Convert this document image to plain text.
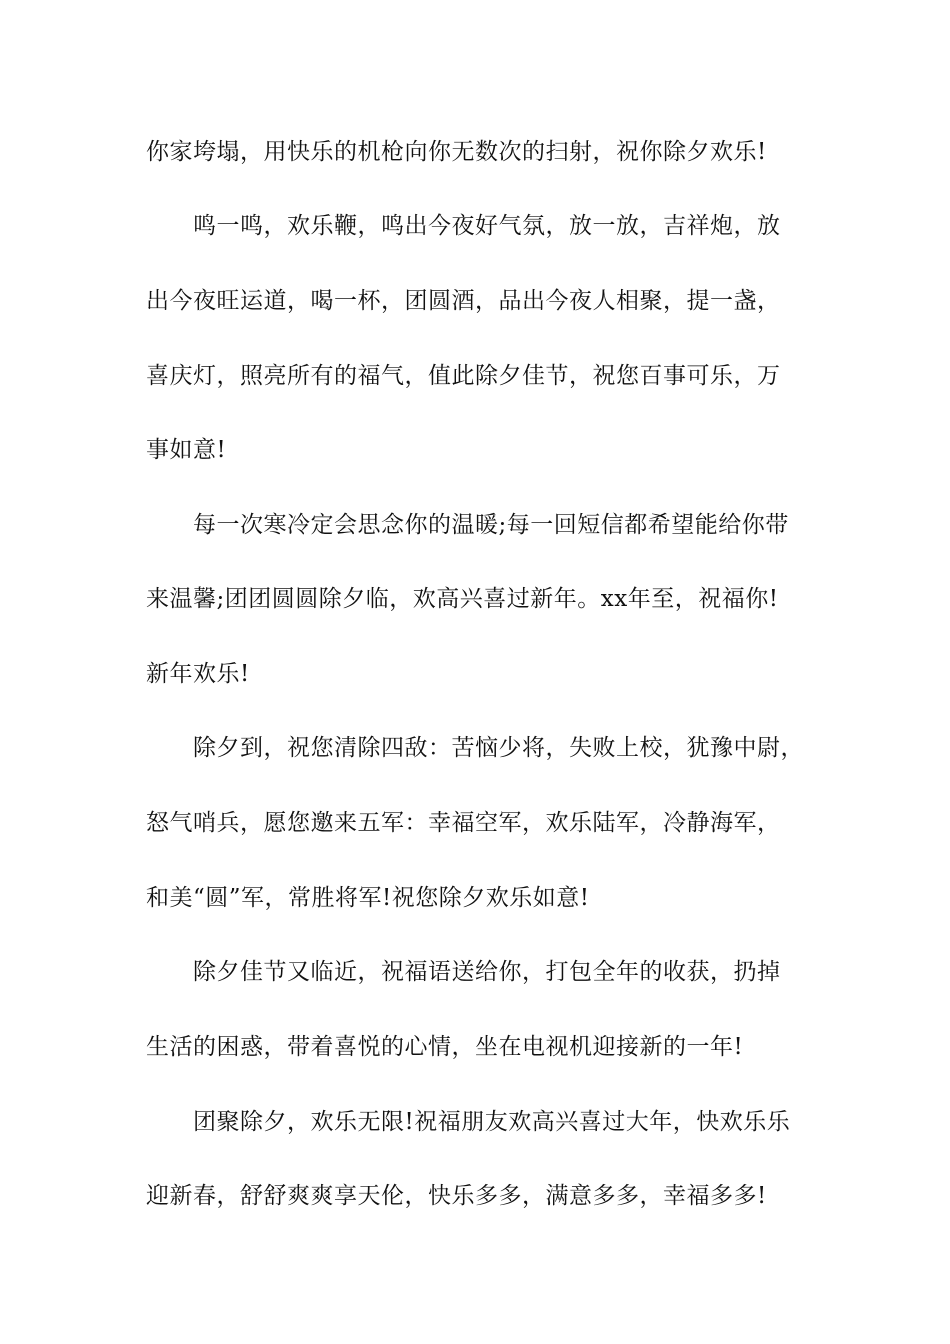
你家垮塌，用快乐的机枪向你无数次的扫射，祝你除夕欢乐!

鸣一鸣，欢乐鞭，鸣出今夜好气氛，放一放，吉祥炮，放

出今夜旺运道，喝一杯，团圆酒，品出今夜人相聚，提一盏，

喜庆灯，照亮所有的福气，值此除夕佳节，祝您百事可乐，万

事如意!

每一次寒冷定会思念你的温暖;每一回短信都希望能给你带

来温馨;团团圆圆除夕临，欢高兴喜过新年。xx年至，祝福你!

新年欢乐!

除夕到，祝您清除四敌：苦恼少将，失败上校，犹豫中尉，

怒气哨兵，愿您邀来五军：幸福空军，欢乐陆军，冷静海军，

和美“圆”军，常胜将军!祝您除夕欢乐如意!

除夕佳节又临近，祝福语送给你，打包全年的收获，扔掉

生活的困惑，带着喜悦的心情，坐在电视机迎接新的一年!

团聚除夕，欢乐无限!祝福朋友欢高兴喜过大年，快欢乐乐

迎新春，舒舒爽爽享天伦，快乐多多，满意多多，幸福多多!
